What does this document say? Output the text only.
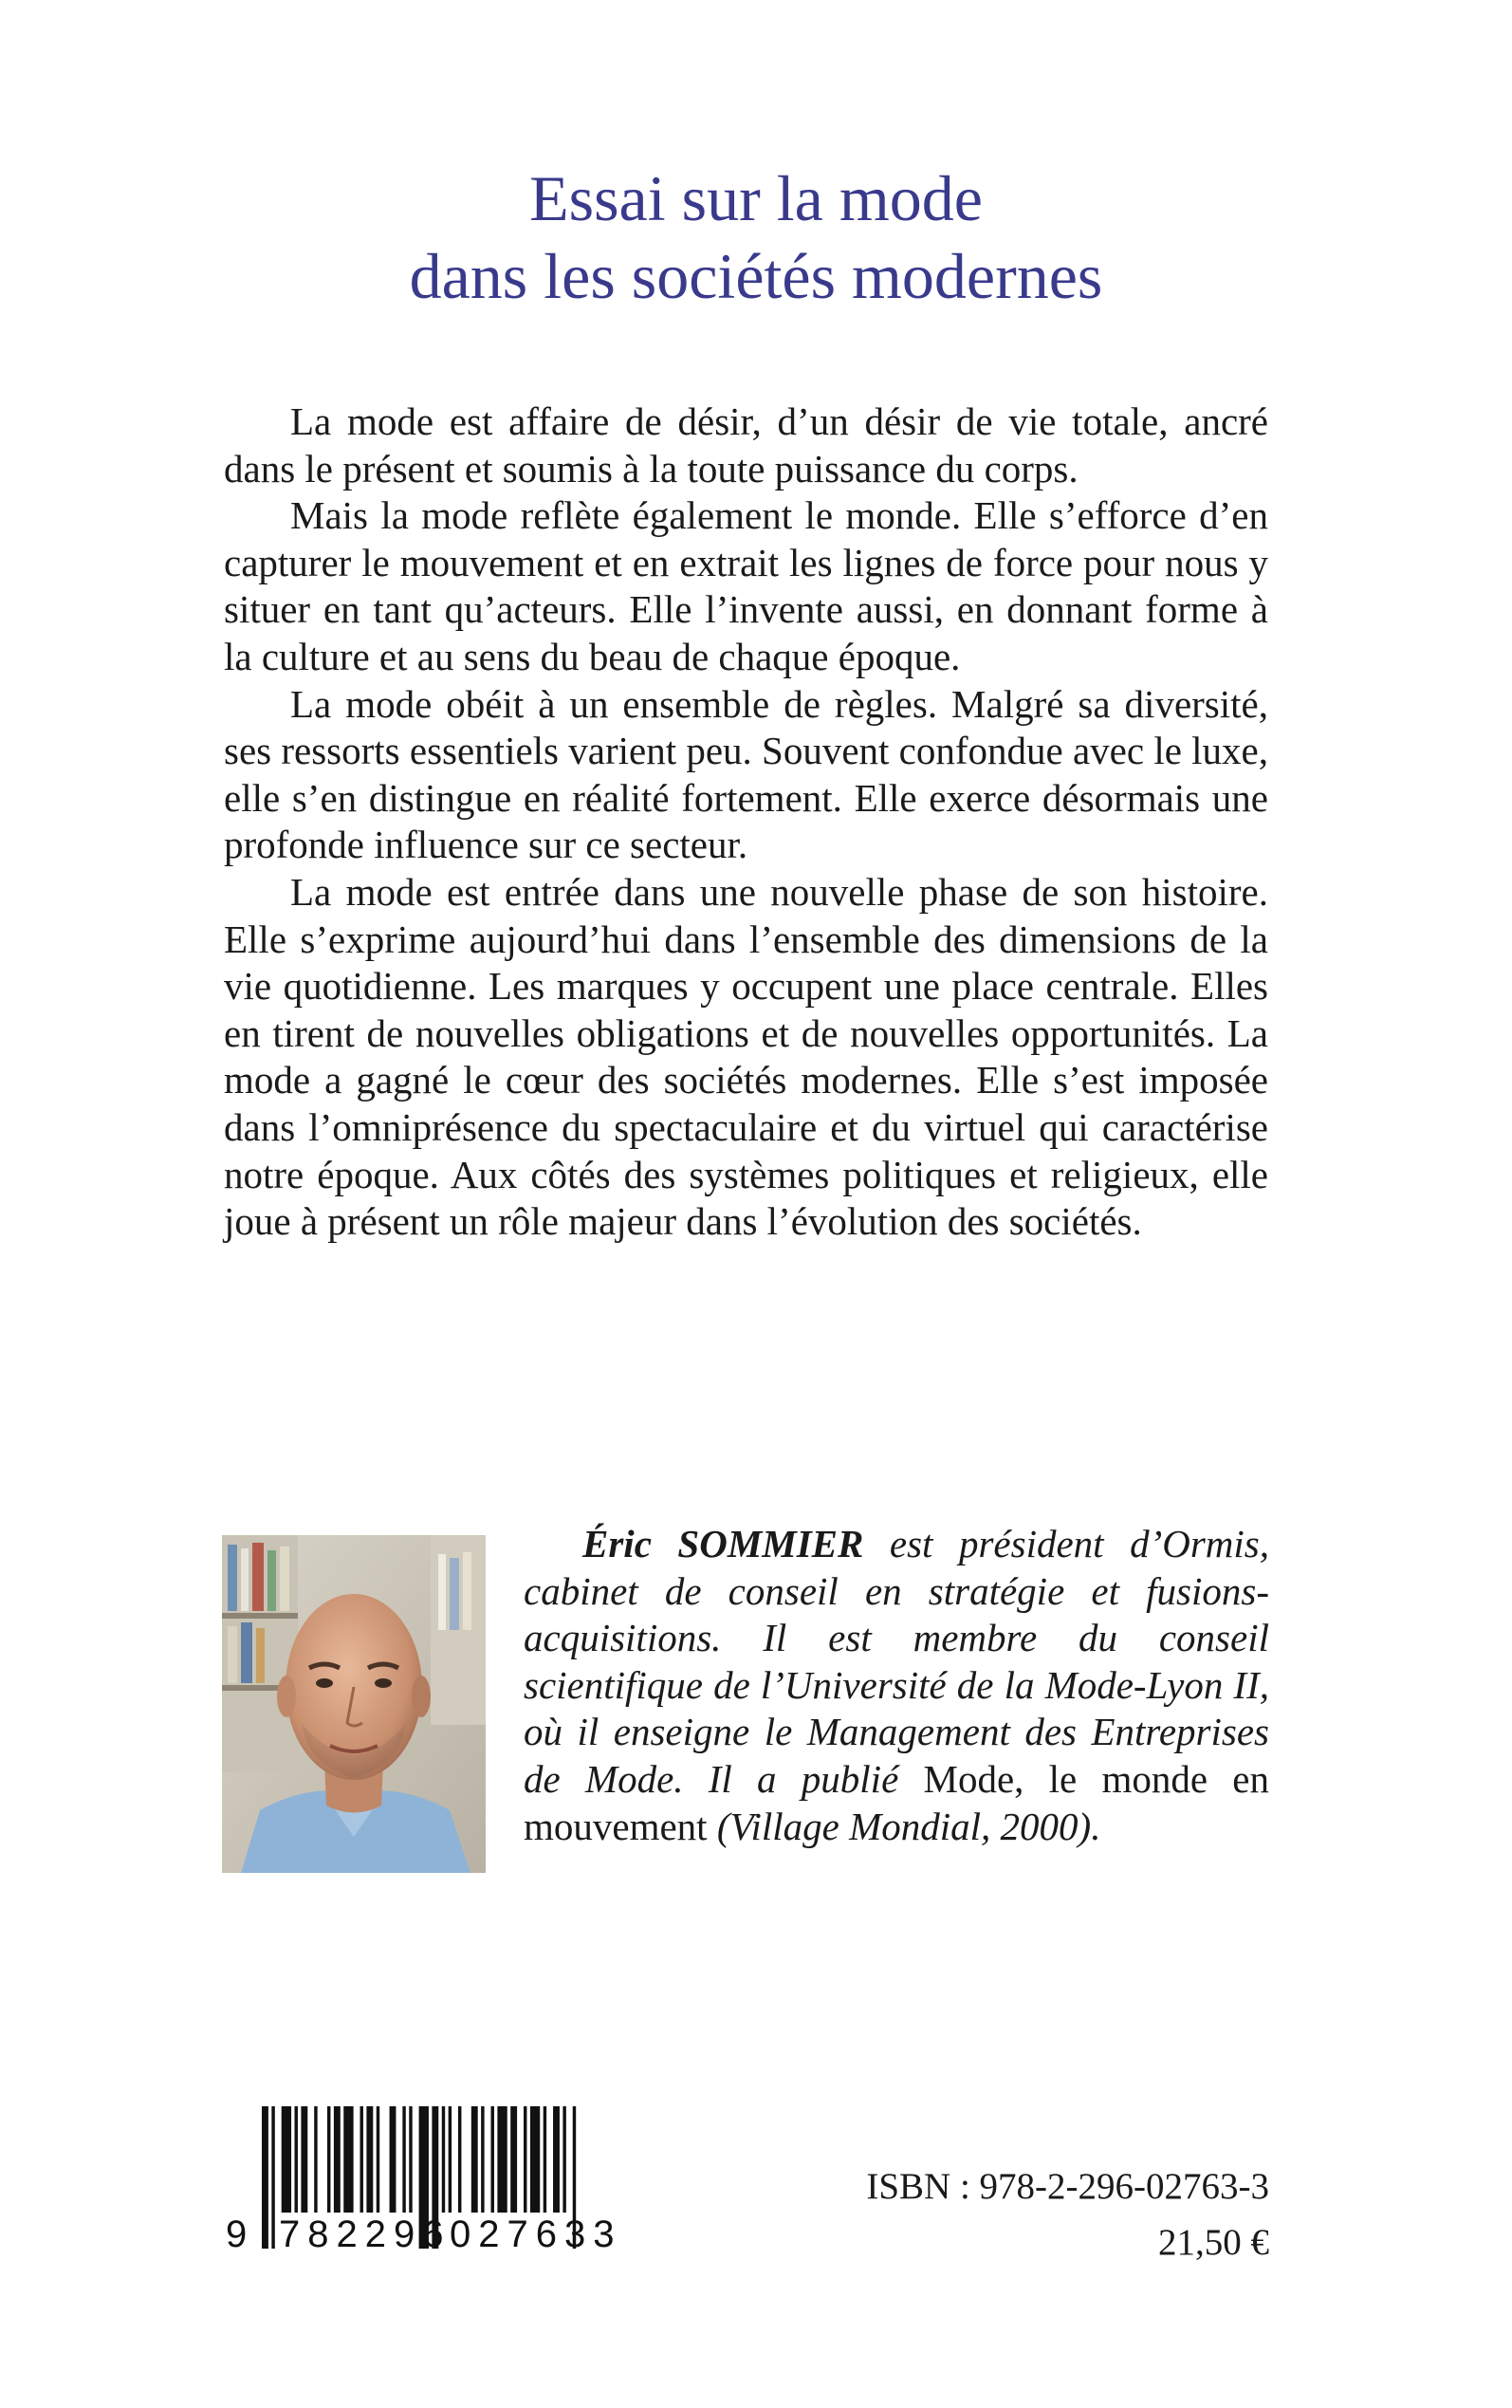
Essai sur la mode
dans les sociétés modernes

La mode est affaire de désir, d’un désir de vie totale, ancré dans le présent et soumis à la toute puissance du corps.

Mais la mode reflète également le monde. Elle s’efforce d’en capturer le mouvement et en extrait les lignes de force pour nous y situer en tant qu’acteurs. Elle l’invente aussi, en donnant forme à la culture et au sens du beau de chaque époque.

La mode obéit à un ensemble de règles. Malgré sa diversité, ses ressorts essentiels varient peu. Souvent confondue avec le luxe, elle s’en distingue en réalité fortement. Elle exerce désormais une profonde influence sur ce secteur.

La mode est entrée dans une nouvelle phase de son histoire. Elle s’exprime aujourd’hui dans l’ensemble des dimensions de la vie quotidienne. Les marques y occupent une place centrale. Elles en tirent de nouvelles obligations et de nouvelles opportunités. La mode a gagné le cœur des sociétés modernes. Elle s’est imposée dans l’omniprésence du spectaculaire et du virtuel qui caractérise notre époque. Aux côtés des systèmes politiques et religieux, elle joue à présent un rôle majeur dans l’évolution des sociétés.

Éric SOMMIER est président d’Ormis, cabinet de conseil en stratégie et fusions-acquisitions. Il est membre du conseil scientifique de l’Université de la Mode-Lyon II, où il enseigne le Management des Entreprises de Mode. Il a publié Mode, le monde en mouvement (Village Mondial, 2000).

9 782296
027633
ISBN : 978-2-296-02763-3
21,50 €
